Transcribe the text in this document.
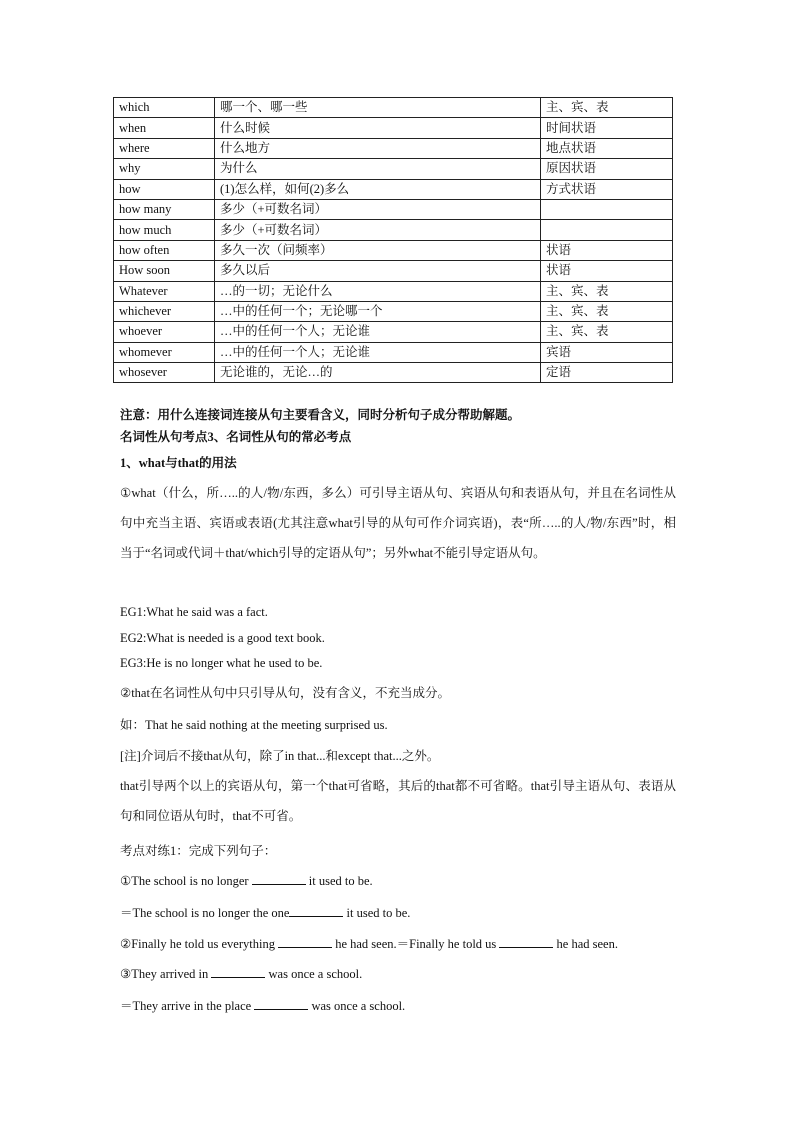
which	哪一个、哪一些	主、宾、表
when	什么时候	时间状语
where	什么地方	地点状语
why	为什么	原因状语
how	(1)怎么样，如何(2)多么	方式状语
how many	多少（+可数名词）	
how much	多少（+可数名词）	
how often	多久一次（问频率）	状语
How soon	多久以后	状语
Whatever	…的一切；无论什么	主、宾、表
whichever	…中的任何一个；无论哪一个	主、宾、表
whoever	…中的任何一个人；无论谁	主、宾、表
whomever	…中的任何一个人；无论谁	宾语
whosever	无论谁的，无论…的	定语
注意：用什么连接词连接从句主要看含义，同时分析句子成分帮助解题。
名词性从句考点3、名词性从句的常必考点
1、what与that的用法
①what（什么，所…..的人/物/东西，多么）可引导主语从句、宾语从句和表语从句，并且在名词性从句中充当主语、宾语或表语(尤其注意what引导的从句可作介词宾语)，表“所…..的人/物/东西”时，相当于“名词或代词＋that/which引导的定语从句”；另外what不能引导定语从句。
EG1:What he said was a fact.
EG2:What is needed is a good text book.
EG3:He is no longer what he used to be.
②that在名词性从句中只引导从句，没有含义，不充当成分。
如：That he said nothing at the meeting surprised us.
[注]介词后不接that从句，除了in that...和except that...之外。
that引导两个以上的宾语从句，第一个that可省略，其后的that都不可省略。that引导主语从句、表语从句和同位语从句时，that不可省。
考点对练1：完成下列句子：
①The school is no longer	it used to be.
＝The school is no longer the one	it used to be.
②Finally he told us everything	he had seen.＝Finally he told us	he had seen.
③They arrived in	was once a school.
＝They arrive in the place	was once a school.
